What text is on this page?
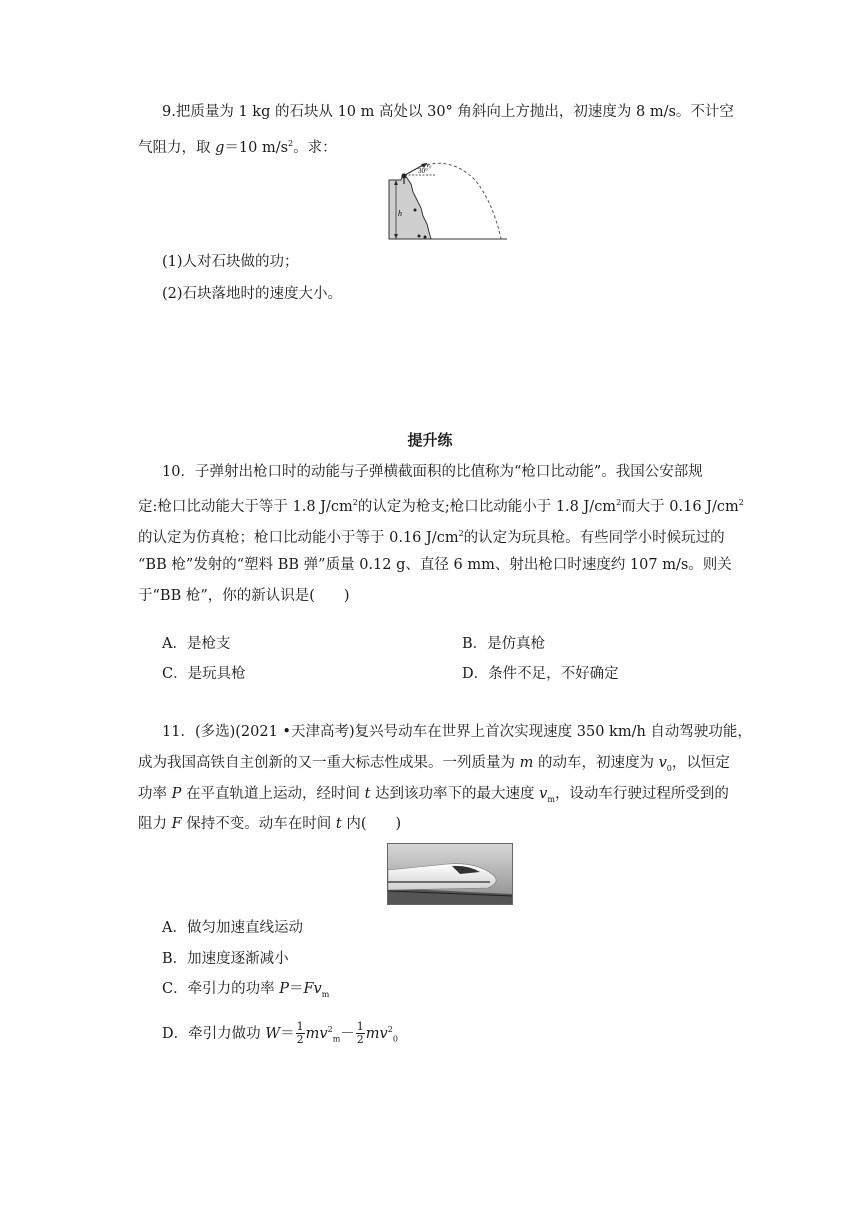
9.把质量为 1 kg 的石块从 10 m 高处以 30° 角斜向上方抛出，初速度为 8 m/s。不计空
气阻力，取 g＝10 $m/s^2$。求：
h
v₀
30°
(1)人对石块做的功；
(2)石块落地时的速度大小。
提升练
10．子弹射出枪口时的动能与子弹横截面积的比值称为“枪口比动能”。我国公安部规
定:枪口比动能大于等于 1.8 $J/cm^2$的认定为枪支;枪口比动能小于 1.8 $J/cm^2$而大于 0.16 $J/cm^2$
的认定为仿真枪；枪口比动能小于等于 0.16 $J/cm^2$的认定为玩具枪。有些同学小时候玩过的
“BB 枪”发射的“塑料 BB 弹”质量 0.12 g、直径 6 mm、射出枪口时速度约 107 m/s。则关
于“BB 枪”，你的新认识是(　　)
A．是枪支	B．是仿真枪
C．是玩具枪	D．条件不足，不好确定
11．(多选)(2021 •天津高考)复兴号动车在世界上首次实现速度 350 km/h 自动驾驶功能，
成为我国高铁自主创新的又一重大标志性成果。一列质量为 m 的动车，初速度为 $v_0$，以恒定
功率 P 在平直轨道上运动，经时间 t 达到该功率下的最大速度 $v_m$，设动车行驶过程所受到的
阻力 F 保持不变。动车在时间 t 内(　　)
A．做匀加速直线运动
B．加速度逐渐减小
C．牵引力的功率 $P=Fv_m$
D．牵引力做功 $W= \frac{1}{2} mv^2_m- \frac{1}{2} mv^2_0$
